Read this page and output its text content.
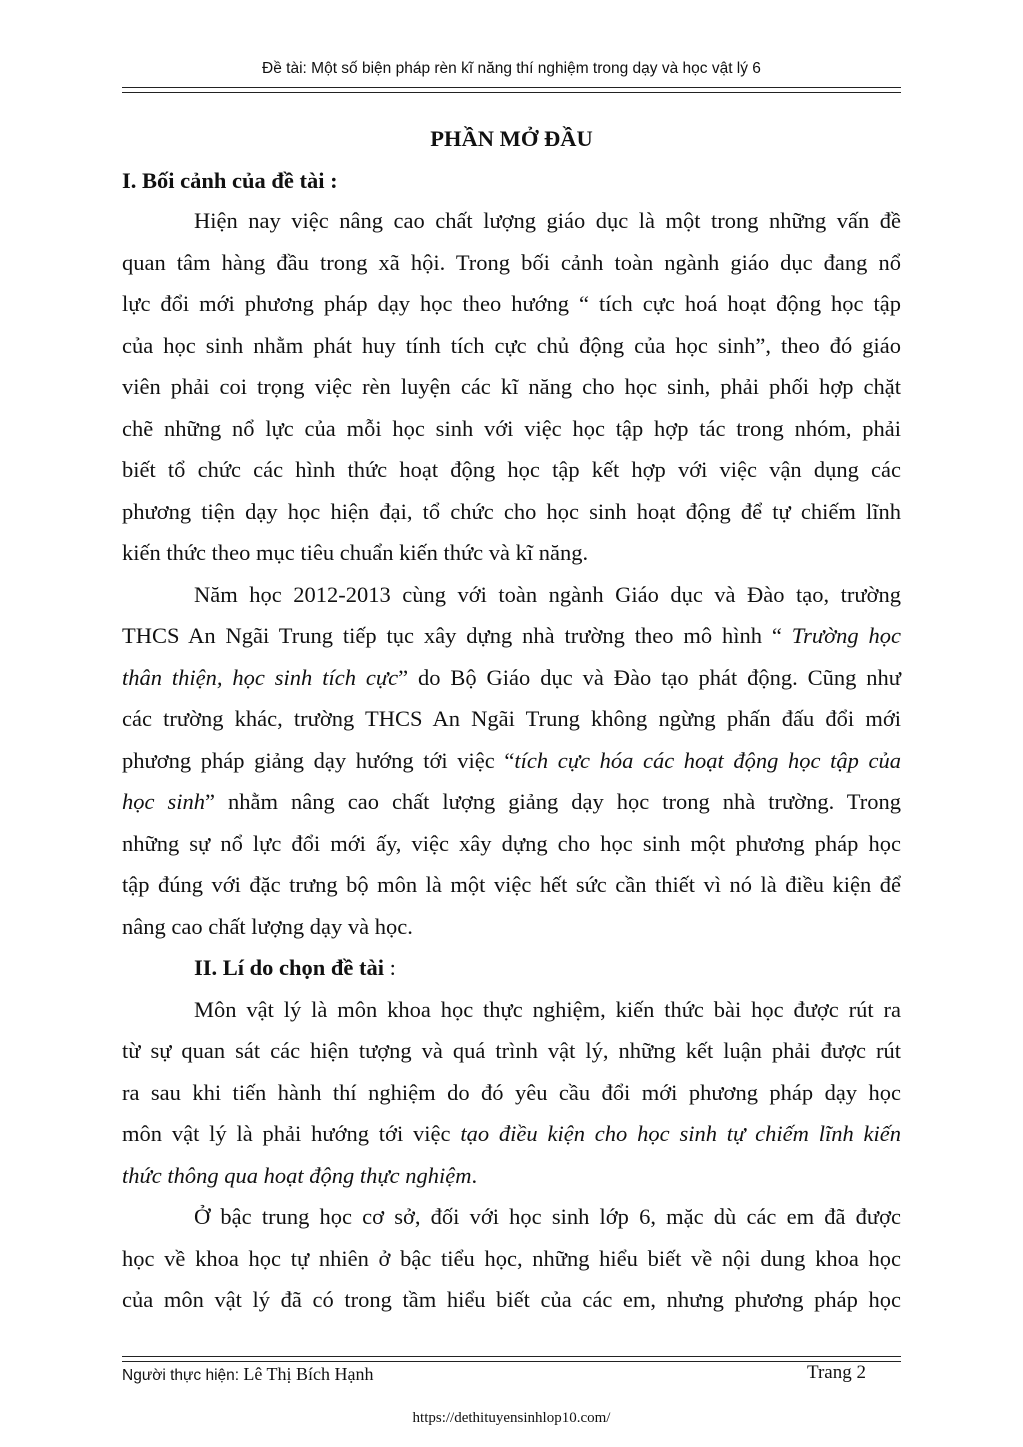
Đề tài: Một số biện pháp rèn kĩ năng thí nghiệm trong dạy và học vật lý 6
PHẦN MỞ ĐẦU
I. Bối cảnh của đề tài :
Hiện nay việc nâng cao chất lượng giáo dục là một trong những vấn đề
quan tâm hàng đầu trong xã hội. Trong bối cảnh toàn ngành giáo dục đang nổ
lực đổi mới phương pháp dạy học theo hướng “ tích cực hoá hoạt động học tập
của học sinh nhằm phát huy tính tích cực chủ động của học sinh”, theo đó giáo
viên phải coi trọng việc rèn luyện các kĩ năng cho học sinh, phải phối hợp chặt
chẽ những nổ lực của mỗi học sinh với việc học tập hợp tác trong nhóm, phải
biết tổ chức các hình thức hoạt động học tập kết hợp với việc vận dụng các
phương tiện dạy học hiện đại, tổ chức cho học sinh hoạt động để tự chiếm lĩnh
kiến thức theo mục tiêu chuẩn kiến thức và kĩ năng.
Năm học 2012-2013 cùng với toàn ngành Giáo dục và Đào tạo, trường
THCS An Ngãi Trung tiếp tục xây dựng nhà trường theo mô hình “ Trường học
thân thiện, học sinh tích cực” do Bộ Giáo dục và Đào tạo phát động. Cũng như
các trường khác, trường THCS An Ngãi Trung không ngừng phấn đấu đổi mới
phương pháp giảng dạy hướng tới việc “tích cực hóa các hoạt động học tập của
học sinh” nhằm nâng cao chất lượng giảng dạy học trong nhà trường. Trong
những sự nổ lực đổi mới ấy, việc xây dựng cho học sinh một phương pháp học
tập đúng với đặc trưng bộ môn là một việc hết sức cần thiết vì nó là điều kiện để
nâng cao chất lượng dạy và học.
II. Lí do chọn đề tài :
Môn vật lý là môn khoa học thực nghiệm, kiến thức bài học được rút ra
từ sự quan sát các hiện tượng và quá trình vật lý, những kết luận phải được rút
ra sau khi tiến hành thí nghiệm do đó yêu cầu đổi mới phương pháp dạy học
môn vật lý là phải hướng tới việc tạo điều kiện cho học sinh tự chiếm lĩnh kiến
thức thông qua hoạt động thực nghiệm.
Ở bậc trung học cơ sở, đối với học sinh lớp 6, mặc dù các em đã được
học về khoa học tự nhiên ở bậc tiểu học, những hiểu biết về nội dung khoa học
của môn vật lý đã có trong tầm hiểu biết của các em, nhưng phương pháp học
Người thực hiện: Lê Thị Bích Hạnh	Trang 2
https://dethituyensinhlop10.com/
